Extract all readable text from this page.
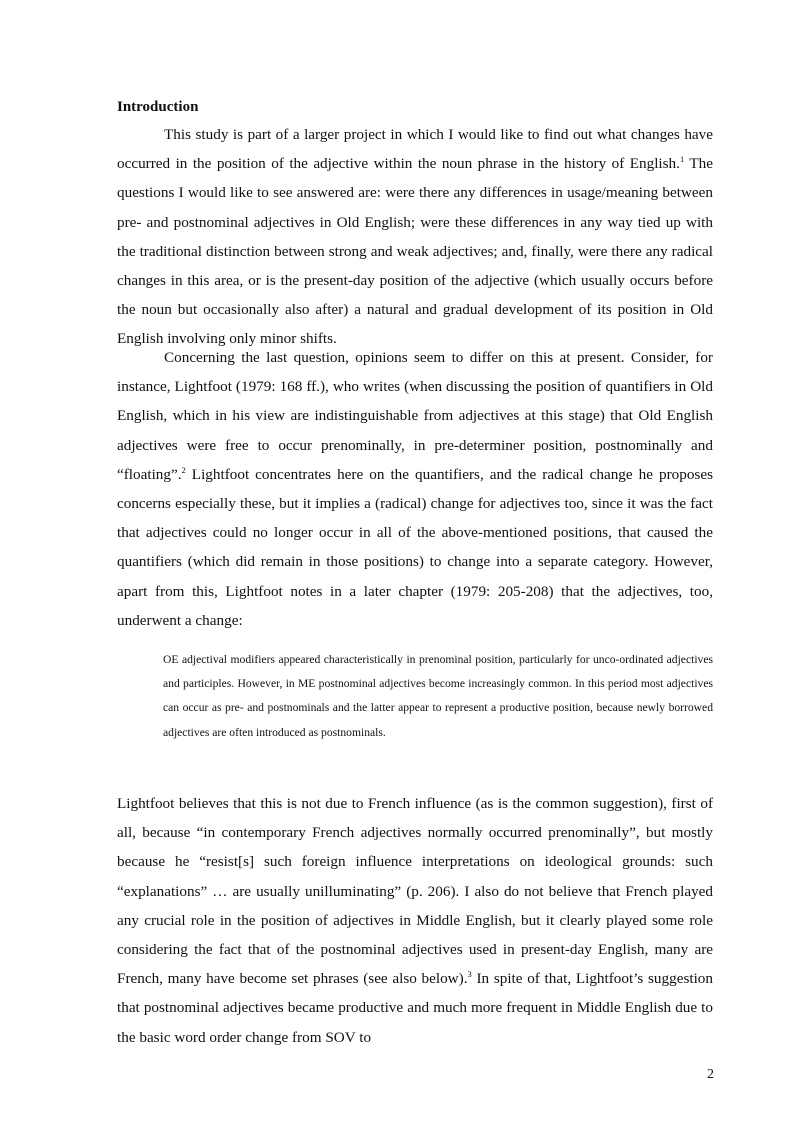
Introduction

This study is part of a larger project in which I would like to find out what changes have occurred in the position of the adjective within the noun phrase in the history of English.$^1$ The questions I would like to see answered are: were there any differences in usage/meaning between pre- and postnominal adjectives in Old English; were these differences in any way tied up with the traditional distinction between strong and weak adjectives; and, finally, were there any radical changes in this area, or is the present-day position of the adjective (which usually occurs before the noun but occasionally also after) a natural and gradual development of its position in Old English involving only minor shifts.

Concerning the last question, opinions seem to differ on this at present. Consider, for instance, Lightfoot (1979: 168 ff.), who writes (when discussing the position of quantifiers in Old English, which in his view are indistinguishable from adjectives at this stage) that Old English adjectives were free to occur prenominally, in pre-determiner position, postnominally and “floating”.$^2$ Lightfoot concentrates here on the quantifiers, and the radical change he proposes concerns especially these, but it implies a (radical) change for adjectives too, since it was the fact that adjectives could no longer occur in all of the above-mentioned positions, that caused the quantifiers (which did remain in those positions) to change into a separate category. However, apart from this, Lightfoot notes in a later chapter (1979: 205-208) that the adjectives, too, underwent a change:

OE adjectival modifiers appeared characteristically in prenominal position, particularly for unco-ordinated adjectives and participles. However, in ME postnominal adjectives become increasingly common. In this period most adjectives can occur as pre- and postnominals and the latter appear to represent a productive position, because newly borrowed adjectives are often introduced as postnominals.

Lightfoot believes that this is not due to French influence (as is the common suggestion), first of all, because “in contemporary French adjectives normally occurred prenominally”, but mostly because he “resist[s] such foreign influence interpretations on ideological grounds: such “explanations” … are usually unilluminating” (p. 206). I also do not believe that French played any crucial role in the position of adjectives in Middle English, but it clearly played some role considering the fact that of the postnominal adjectives used in present-day English, many are French, many have become set phrases (see also below).$^3$ In spite of that, Lightfoot’s suggestion that postnominal adjectives became productive and much more frequent in Middle English due to the basic word order change from SOV to

2
